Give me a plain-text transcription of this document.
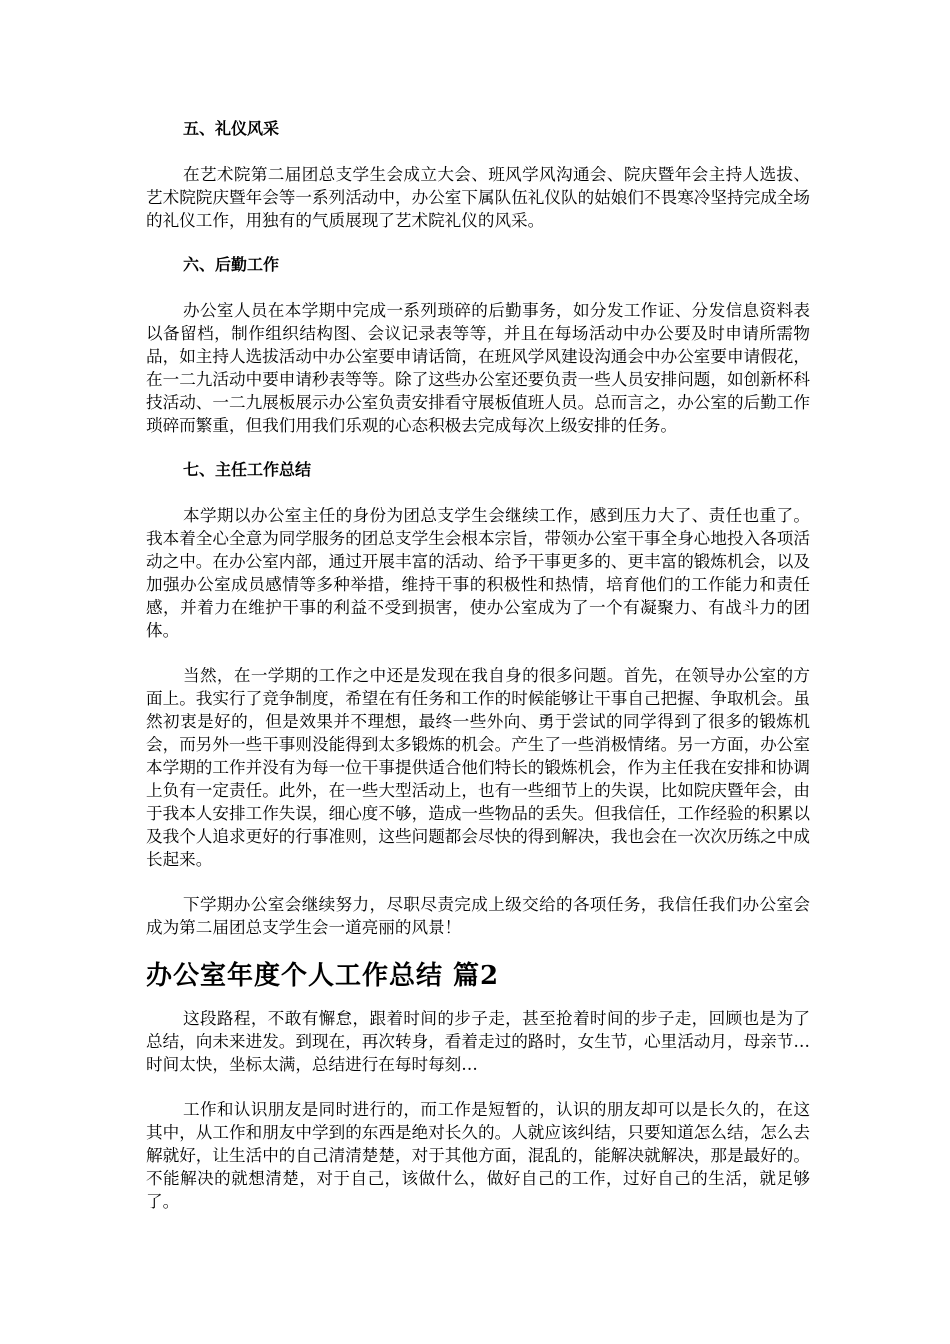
五、礼仪风采

在艺术院第二届团总支学生会成立大会、班风学风沟通会、院庆暨年会主持人选拔、艺术院院庆暨年会等一系列活动中，办公室下属队伍礼仪队的姑娘们不畏寒冷坚持完成全场的礼仪工作，用独有的气质展现了艺术院礼仪的风采。

六、后勤工作

办公室人员在本学期中完成一系列琐碎的后勤事务，如分发工作证、分发信息资料表以备留档，制作组织结构图、会议记录表等等，并且在每场活动中办公要及时申请所需物品，如主持人选拔活动中办公室要申请话筒，在班风学风建设沟通会中办公室要申请假花，在一二九活动中要申请秒表等等。除了这些办公室还要负责一些人员安排问题，如创新杯科技活动、一二九展板展示办公室负责安排看守展板值班人员。总而言之，办公室的后勤工作琐碎而繁重，但我们用我们乐观的心态积极去完成每次上级安排的任务。

七、主任工作总结

本学期以办公室主任的身份为团总支学生会继续工作，感到压力大了、责任也重了。我本着全心全意为同学服务的团总支学生会根本宗旨，带领办公室干事全身心地投入各项活动之中。在办公室内部，通过开展丰富的活动、给予干事更多的、更丰富的锻炼机会，以及加强办公室成员感情等多种举措，维持干事的积极性和热情，培育他们的工作能力和责任感，并着力在维护干事的利益不受到损害，使办公室成为了一个有凝聚力、有战斗力的团体。

当然，在一学期的工作之中还是发现在我自身的很多问题。首先，在领导办公室的方面上。我实行了竞争制度，希望在有任务和工作的时候能够让干事自己把握、争取机会。虽然初衷是好的，但是效果并不理想，最终一些外向、勇于尝试的同学得到了很多的锻炼机会，而另外一些干事则没能得到太多锻炼的机会。产生了一些消极情绪。另一方面，办公室本学期的工作并没有为每一位干事提供适合他们特长的锻炼机会，作为主任我在安排和协调上负有一定责任。此外，在一些大型活动上，也有一些细节上的失误，比如院庆暨年会，由于我本人安排工作失误，细心度不够，造成一些物品的丢失。但我信任，工作经验的积累以及我个人追求更好的行事准则，这些问题都会尽快的得到解决，我也会在一次次历练之中成长起来。

下学期办公室会继续努力，尽职尽责完成上级交给的各项任务，我信任我们办公室会成为第二届团总支学生会一道亮丽的风景！

办公室年度个人工作总结 篇2

这段路程，不敢有懈怠，跟着时间的步子走，甚至抢着时间的步子走，回顾也是为了总结，向未来进发。到现在，再次转身，看着走过的路时，女生节，心里活动月，母亲节…时间太快，坐标太满，总结进行在每时每刻…

工作和认识朋友是同时进行的，而工作是短暂的，认识的朋友却可以是长久的，在这其中，从工作和朋友中学到的东西是绝对长久的。人就应该纠结，只要知道怎么结，怎么去解就好，让生活中的自己清清楚楚，对于其他方面，混乱的，能解决就解决，那是最好的。不能解决的就想清楚，对于自己，该做什么，做好自己的工作，过好自己的生活，就足够了。
